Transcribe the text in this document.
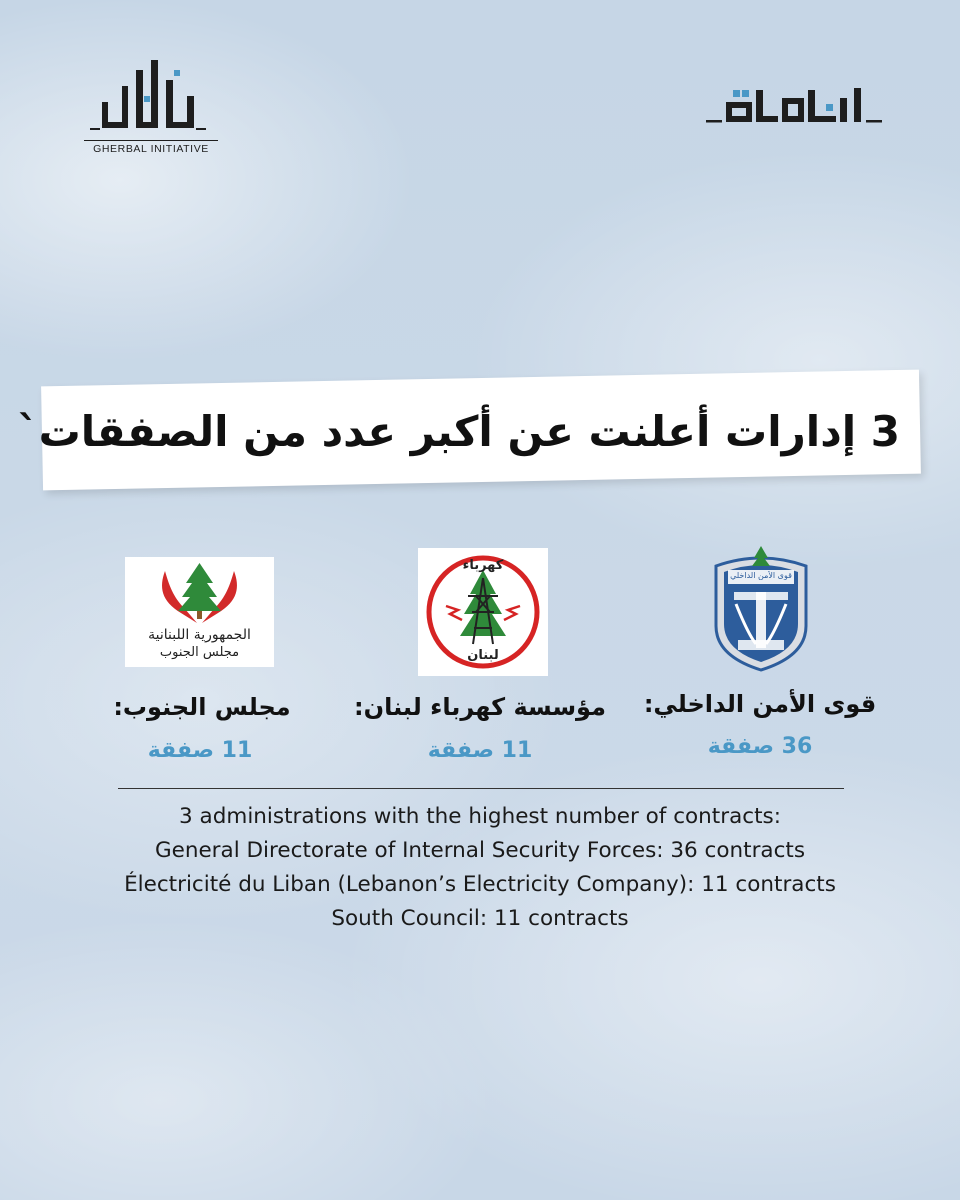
GHERBAL INITIATIVE
3 إدارات أعلنت عن أكبر عدد من الصفقات`
الجمهورية اللبنانية
مجلس الجنوب
كهرباء
لبنان
قوى الأمن الداخلي
قوى الأمن الداخلي:
36 صفقة
مؤسسة كهرباء لبنان:
11 صفقة
مجلس الجنوب:
11 صفقة
3 administrations with the highest number of contracts:
General Directorate of Internal Security Forces: 36 contracts
Électricité du Liban (Lebanon’s Electricity Company): 11 contracts
South Council: 11 contracts
